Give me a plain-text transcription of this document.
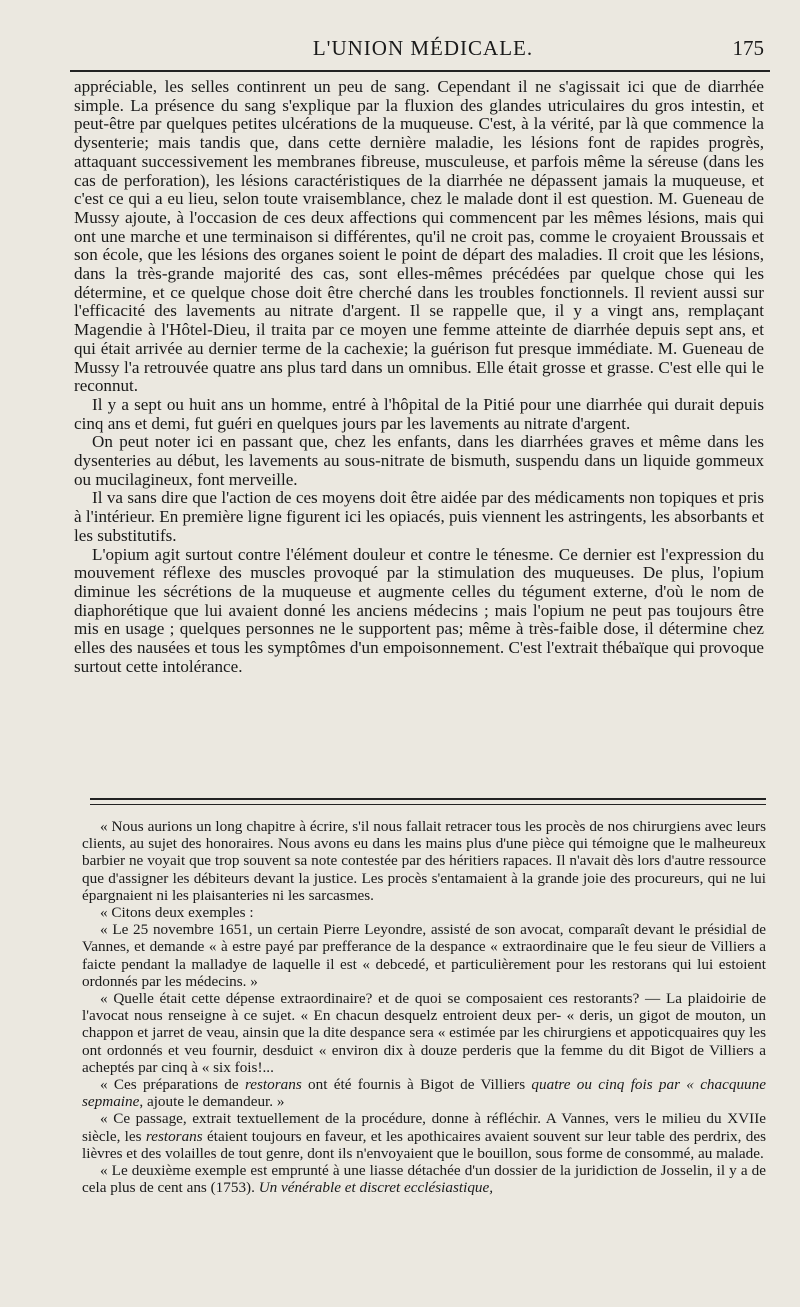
L'UNION MÉDICALE.	175

appréciable, les selles continrent un peu de sang. Cependant il ne s'agissait ici que de diarrhée simple. La présence du sang s'explique par la fluxion des glandes utriculaires du gros intestin, et peut-être par quelques petites ulcérations de la muqueuse. C'est, à la vérité, par là que commence la dysenterie; mais tandis que, dans cette dernière maladie, les lésions font de rapides progrès, attaquant successivement les membranes fibreuse, musculeuse, et parfois même la séreuse (dans les cas de perforation), les lésions caractéristiques de la diarrhée ne dépassent jamais la muqueuse, et c'est ce qui a eu lieu, selon toute vraisemblance, chez le malade dont il est question. M. Gueneau de Mussy ajoute, à l'occasion de ces deux affections qui commencent par les mêmes lésions, mais qui ont une marche et une terminaison si différentes, qu'il ne croit pas, comme le croyaient Broussais et son école, que les lésions des organes soient le point de départ des maladies. Il croit que les lésions, dans la très-grande majorité des cas, sont elles-mêmes précédées par quelque chose qui les détermine, et ce quelque chose doit être cherché dans les troubles fonctionnels. Il revient aussi sur l'efficacité des lavements au nitrate d'argent. Il se rappelle que, il y a vingt ans, remplaçant Magendie à l'Hôtel-Dieu, il traita par ce moyen une femme atteinte de diarrhée depuis sept ans, et qui était arrivée au dernier terme de la cachexie; la guérison fut presque immédiate. M. Gueneau de Mussy l'a retrouvée quatre ans plus tard dans un omnibus. Elle était grosse et grasse. C'est elle qui le reconnut.

Il y a sept ou huit ans un homme, entré à l'hôpital de la Pitié pour une diarrhée qui durait depuis cinq ans et demi, fut guéri en quelques jours par les lavements au nitrate d'argent.

On peut noter ici en passant que, chez les enfants, dans les diarrhées graves et même dans les dysenteries au début, les lavements au sous-nitrate de bismuth, suspendu dans un liquide gommeux ou mucilagineux, font merveille.

Il va sans dire que l'action de ces moyens doit être aidée par des médicaments non topiques et pris à l'intérieur. En première ligne figurent ici les opiacés, puis viennent les astringents, les absorbants et les substitutifs.

L'opium agit surtout contre l'élément douleur et contre le ténesme. Ce dernier est l'expression du mouvement réflexe des muscles provoqué par la stimulation des muqueuses. De plus, l'opium diminue les sécrétions de la muqueuse et augmente celles du tégument externe, d'où le nom de diaphorétique que lui avaient donné les anciens médecins ; mais l'opium ne peut pas toujours être mis en usage ; quelques personnes ne le supportent pas; même à très-faible dose, il détermine chez elles des nausées et tous les symptômes d'un empoisonnement. C'est l'extrait thébaïque qui provoque surtout cette intolérance.

« Nous aurions un long chapitre à écrire, s'il nous fallait retracer tous les procès de nos chirurgiens avec leurs clients, au sujet des honoraires. Nous avons eu dans les mains plus d'une pièce qui témoigne que le malheureux barbier ne voyait que trop souvent sa note contestée par des héritiers rapaces. Il n'avait dès lors d'autre ressource que d'assigner les débiteurs devant la justice. Les procès s'entamaient à la grande joie des procureurs, qui ne lui épargnaient ni les plaisanteries ni les sarcasmes.

« Citons deux exemples :

« Le 25 novembre 1651, un certain Pierre Leyondre, assisté de son avocat, comparaît devant le présidial de Vannes, et demande « à estre payé par prefferance de la despance « extraordinaire que le feu sieur de Villiers a faicte pendant la malladye de laquelle il est « debcedé, et particulièrement pour les restorans qui lui estoient ordonnés par les médecins. »

« Quelle était cette dépense extraordinaire? et de quoi se composaient ces restorants? — La plaidoirie de l'avocat nous renseigne à ce sujet. « En chacun desquelz entroient deux per- « deris, un gigot de mouton, un chappon et jarret de veau, ainsin que la dite despance sera « estimée par les chirurgiens et appoticquaires quy les ont ordonnés et veu fournir, desduict « environ dix à douze perderis que la femme du dit Bigot de Villiers a acheptés par cinq à « six fois!...

« Ces préparations de restorans ont été fournis à Bigot de Villiers quatre ou cinq fois par « chacquune sepmaine, ajoute le demandeur. »

« Ce passage, extrait textuellement de la procédure, donne à réfléchir. A Vannes, vers le milieu du XVIIe siècle, les restorans étaient toujours en faveur, et les apothicaires avaient souvent sur leur table des perdrix, des lièvres et des volailles de tout genre, dont ils n'envoyaient que le bouillon, sous forme de consommé, au malade.

« Le deuxième exemple est emprunté à une liasse détachée d'un dossier de la juridiction de Josselin, il y a de cela plus de cent ans (1753). Un vénérable et discret ecclésiastique,
